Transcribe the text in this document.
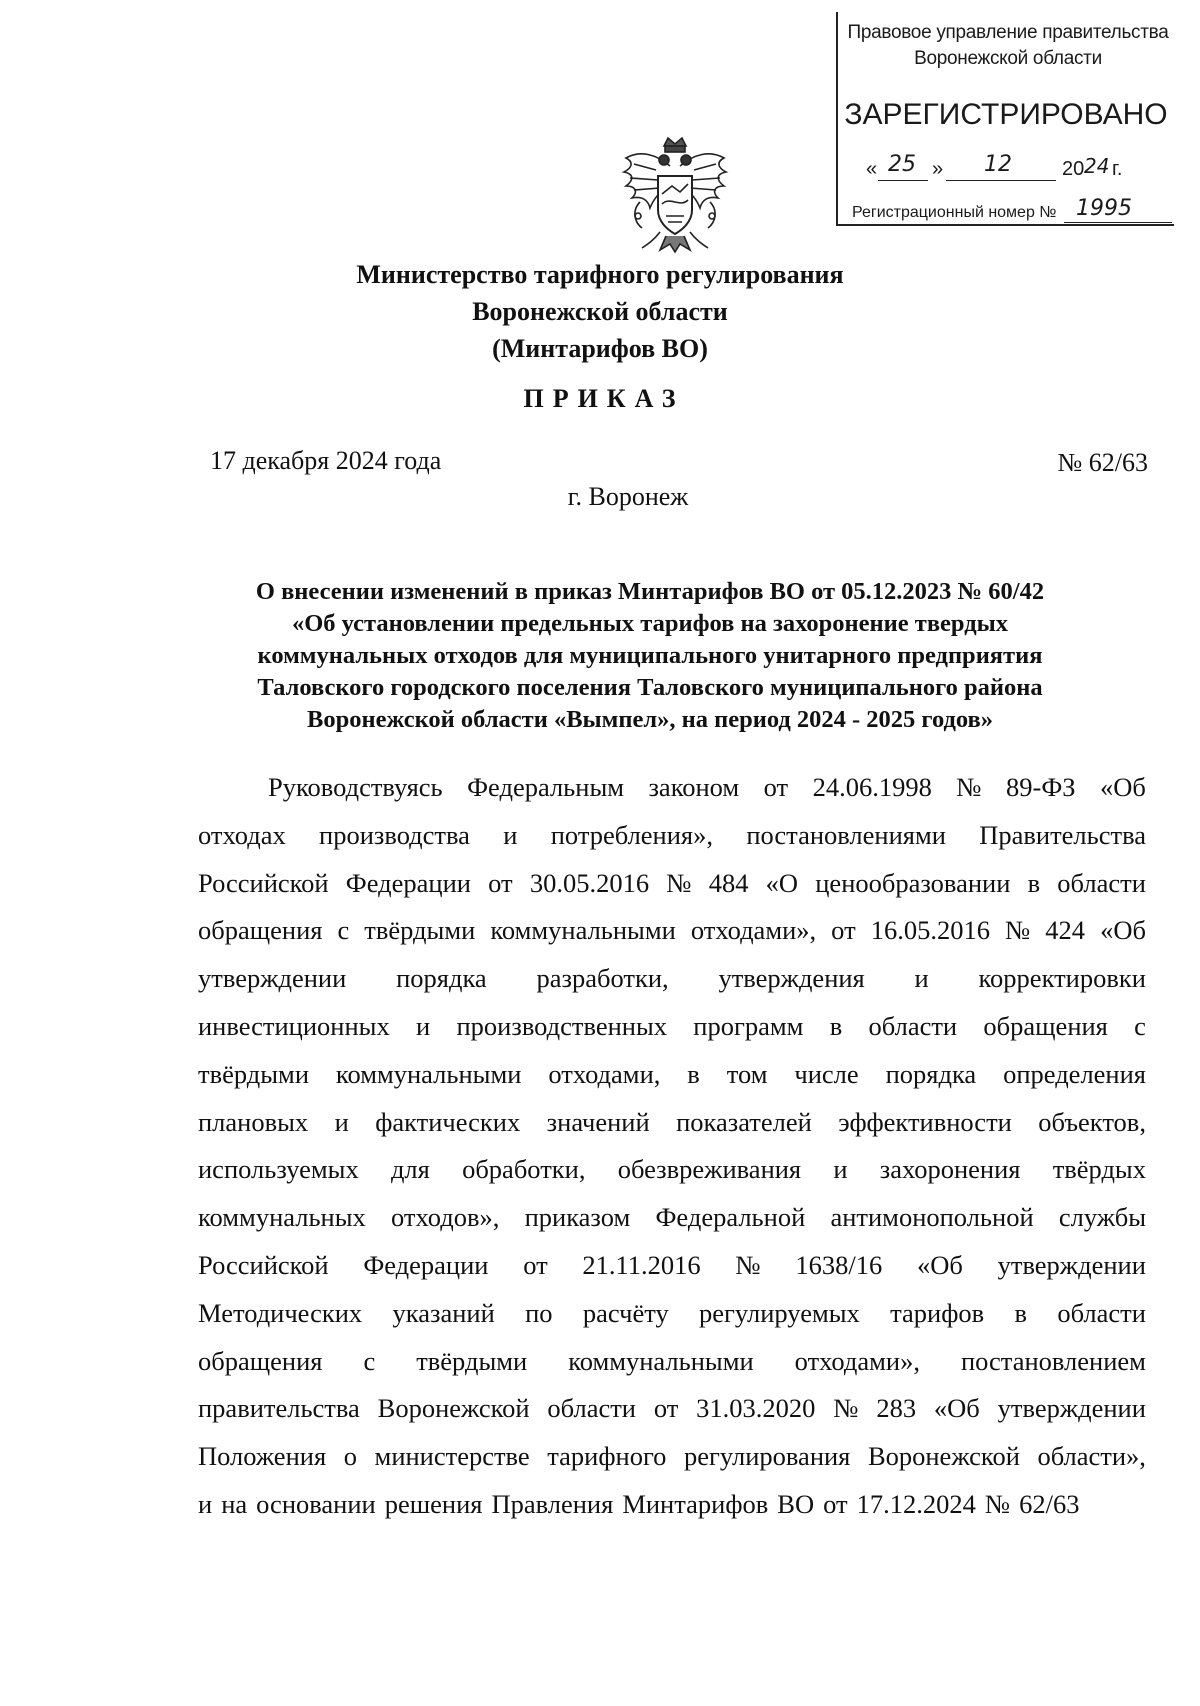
Правовое управление правительства
Воронежской области
ЗАРЕГИСТРИРОВАНО
« 25 » 12	20 24 г.
Регистрационный номер № 1995
Министерство тарифного регулирования
Воронежской области
(Минтарифов ВО)
ПРИКАЗ
17 декабря 2024 года	№ 62/63
г. Воронеж
О внесении изменений в приказ Минтарифов ВО от 05.12.2023 № 60/42
«Об установлении предельных тарифов на захоронение твердых
коммунальных отходов для муниципального унитарного предприятия
Таловского городского поселения Таловского муниципального района
Воронежской области «Вымпел», на период 2024 - 2025 годов»
Руководствуясь Федеральным законом от 24.06.1998 № 89-ФЗ «Об
отходах производства и потребления», постановлениями Правительства
Российской Федерации от 30.05.2016 № 484 «О ценообразовании в области
обращения с твёрдыми коммунальными отходами», от 16.05.2016 № 424 «Об
утверждении порядка разработки, утверждения и корректировки
инвестиционных и производственных программ в области обращения с
твёрдыми коммунальными отходами, в том числе порядка определения
плановых и фактических значений показателей эффективности объектов,
используемых для обработки, обезвреживания и захоронения твёрдых
коммунальных отходов», приказом Федеральной антимонопольной службы
Российской Федерации от 21.11.2016 № 1638/16 «Об утверждении
Методических указаний по расчёту регулируемых тарифов в области
обращения с твёрдыми коммунальными отходами», постановлением
правительства Воронежской области от 31.03.2020 № 283 «Об утверждении
Положения о министерстве тарифного регулирования Воронежской области»,
и на основании решения Правления Минтарифов ВО от 17.12.2024 № 62/63
